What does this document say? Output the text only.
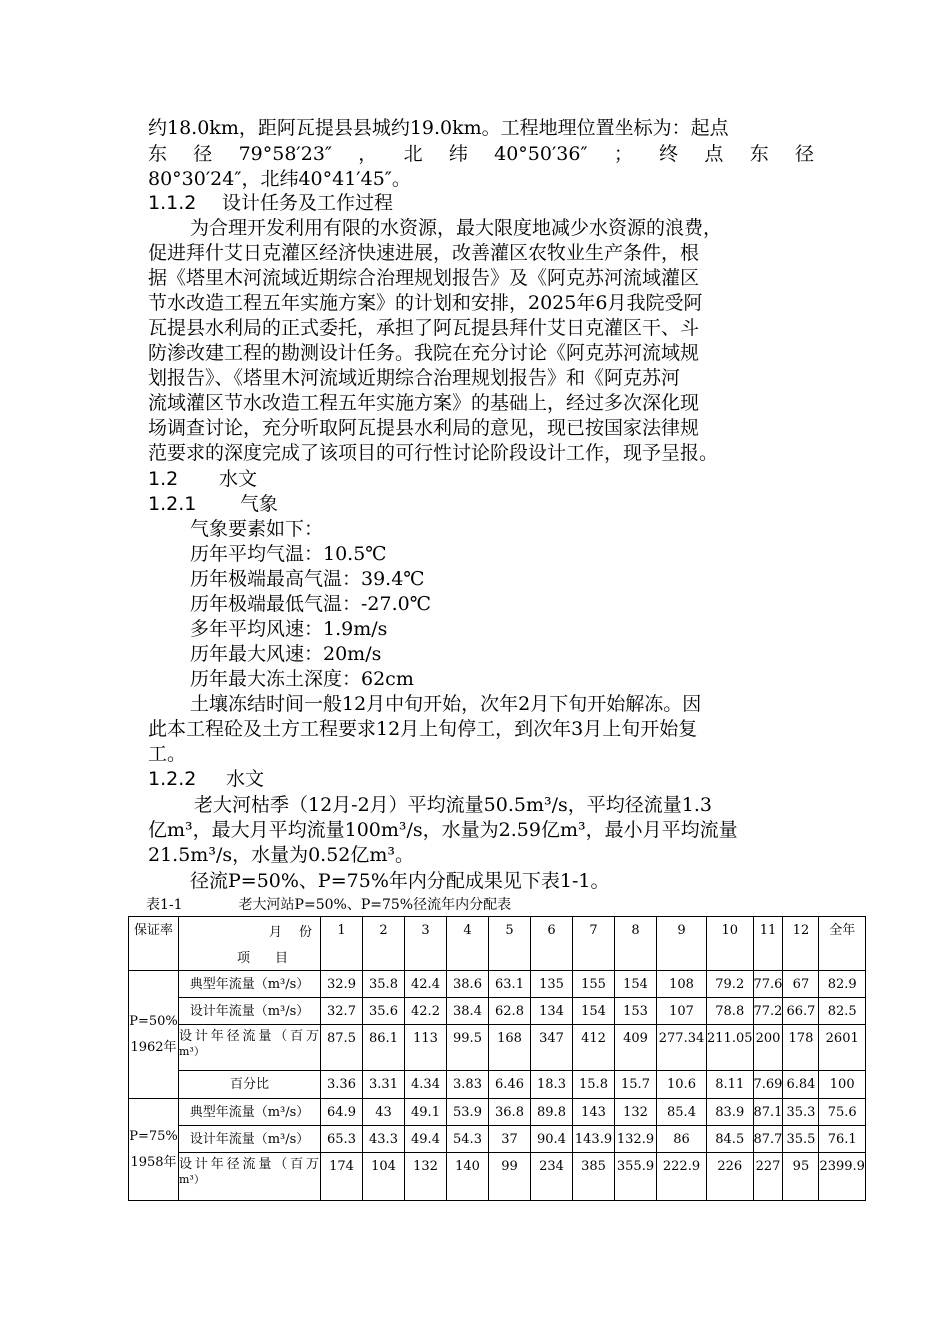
约18.0km，距阿瓦提县县城约19.0km。工程地理位置坐标为：起点
东 径 79°58′23″ ， 北 纬 40°50′36″ ； 终 点 东 径
80°30′24″，北纬40°41′45″。
1.1.2 设计任务及工作过程
为合理开发利用有限的水资源，最大限度地减少水资源的浪费，
促进拜什艾日克灌区经济快速进展，改善灌区农牧业生产条件，根
据《塔里木河流域近期综合治理规划报告》及《阿克苏河流域灌区
节水改造工程五年实施方案》的计划和安排，2025年6月我院受阿
瓦提县水利局的正式委托，承担了阿瓦提县拜什艾日克灌区干、斗
防渗改建工程的勘测设计任务。我院在充分讨论《阿克苏河流域规
划报告》、《塔里木河流域近期综合治理规划报告》和《阿克苏河
流域灌区节水改造工程五年实施方案》的基础上，经过多次深化现
场调查讨论，充分听取阿瓦提县水利局的意见，现已按国家法律规
范要求的深度完成了该项目的可行性讨论阶段设计工作，现予呈报。
1.2 水文
1.2.1 气象
气象要素如下：
历年平均气温：10.5℃
历年极端最高气温：39.4℃
历年极端最低气温：-27.0℃
多年平均风速：1.9m/s
历年最大风速：20m/s
历年最大冻土深度：62cm
土壤冻结时间一般12月中旬开始，次年2月下旬开始解冻。因
此本工程砼及土方工程要求12月上旬停工，到次年3月上旬开始复
工。
1.2.2 水文
老大河枯季（12月-2月）平均流量50.5m³/s，平均径流量1.3
亿m³，最大月平均流量100m³/s，水量为2.59亿m³，最小月平均流量
21.5m³/s，水量为0.52亿m³。
径流P=50%、P=75%年内分配成果见下表1-1。
表1-1	老大河站P=50%、P=75%径流年内分配表
保证率	月　份
项　目	1	2	3	4	5	6	7	8	9	10	11	12	全年

P=50%
1962年	典型年流量（m³/s）	32.9	35.8	42.4	38.6	63.1	135	155	154	108	79.2	77.6	67	82.9
	设计年流量（m³/s）	32.7	35.6	42.2	38.4	62.8	134	154	153	107	78.8	77.2	66.7	82.5

	设计年径流量（百万
m³）	87.5	86.1	113	99.5	168	347	412	409	277.34	211.05	200	178	2601
	百分比	3.36	3.31	4.34	3.83	6.46	18.3	15.8	15.7	10.6	8.11	7.69	6.84	100

P=75%
1958年	典型年流量（m³/s）	64.9	43	49.1	53.9	36.8	89.8	143	132	85.4	83.9	87.1	35.3	75.6
	设计年流量（m³/s）	65.3	43.3	49.4	54.3	37	90.4	143.9	132.9	86	84.5	87.7	35.5	76.1

	设计年径流量（百万
m³）	174	104	132	140	99	234	385	355.9	222.9	226	227	95	2399.9
